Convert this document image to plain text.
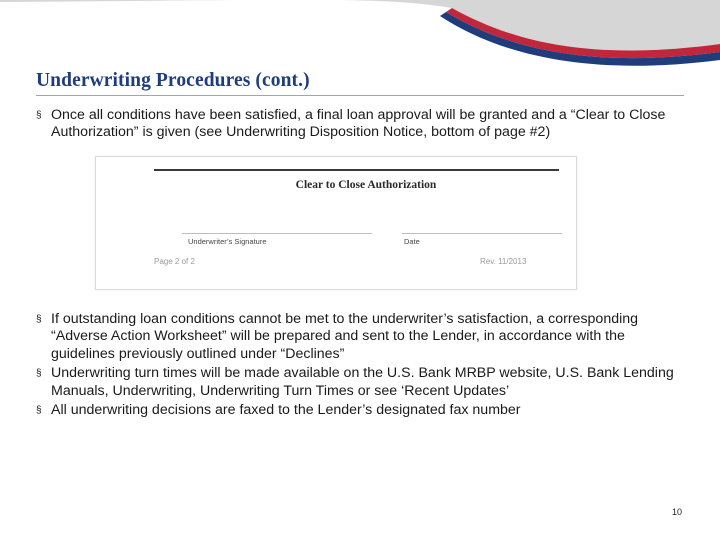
Underwriting Procedures (cont.)
§ Once all conditions have been satisfied, a final loan approval will be granted and a “Clear to Close Authorization” is given (see Underwriting Disposition Notice, bottom of page #2)
Clear to Close Authorization
Underwriter’s Signature	Date
Page 2 of 2	Rev. 11/2013
§ If outstanding loan conditions cannot be met to the underwriter’s satisfaction, a corresponding “Adverse Action Worksheet” will be prepared and sent to the Lender, in accordance with the guidelines previously outlined under “Declines”
§ Underwriting turn times will be made available on the U.S. Bank MRBP website, U.S. Bank Lending Manuals, Underwriting, Underwriting Turn Times or see ‘Recent Updates’
§ All underwriting decisions are faxed to the Lender’s designated fax number
10
